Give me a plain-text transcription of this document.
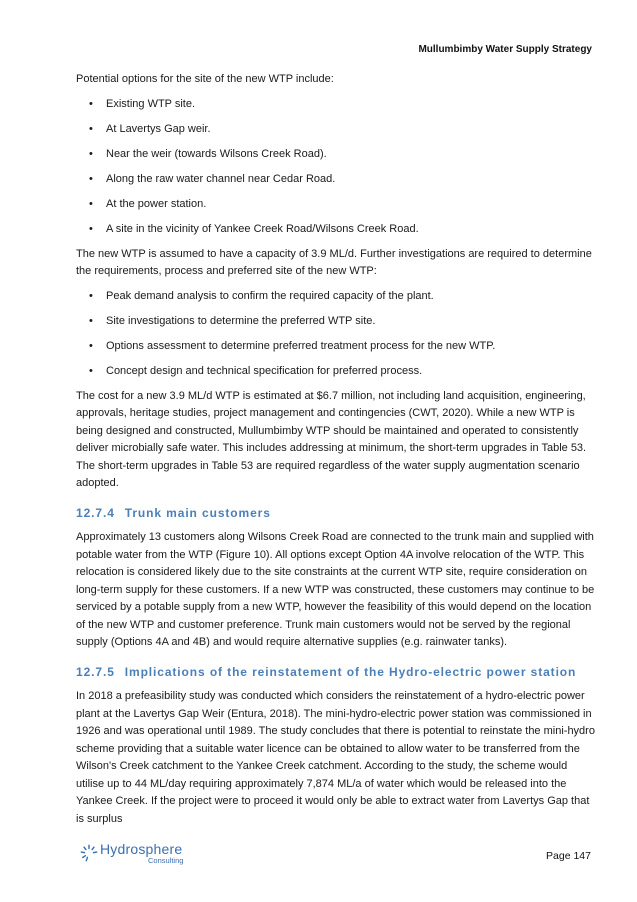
Mullumbimby Water Supply Strategy

Potential options for the site of the new WTP include:

• Existing WTP site.
• At Lavertys Gap weir.
• Near the weir (towards Wilsons Creek Road).
• Along the raw water channel near Cedar Road.
• At the power station.
• A site in the vicinity of Yankee Creek Road/Wilsons Creek Road.

The new WTP is assumed to have a capacity of 3.9 ML/d. Further investigations are required to determine the requirements, process and preferred site of the new WTP:

• Peak demand analysis to confirm the required capacity of the plant.
• Site investigations to determine the preferred WTP site.
• Options assessment to determine preferred treatment process for the new WTP.
• Concept design and technical specification for preferred process.

The cost for a new 3.9 ML/d WTP is estimated at $6.7 million, not including land acquisition, engineering, approvals, heritage studies, project management and contingencies (CWT, 2020). While a new WTP is being designed and constructed, Mullumbimby WTP should be maintained and operated to consistently deliver microbially safe water. This includes addressing at minimum, the short-term upgrades in Table 53. The short-term upgrades in Table 53 are required regardless of the water supply augmentation scenario adopted.

12.7.4 Trunk main customers

Approximately 13 customers along Wilsons Creek Road are connected to the trunk main and supplied with potable water from the WTP (Figure 10). All options except Option 4A involve relocation of the WTP. This relocation is considered likely due to the site constraints at the current WTP site, require consideration on long-term supply for these customers. If a new WTP was constructed, these customers may continue to be serviced by a potable supply from a new WTP, however the feasibility of this would depend on the location of the new WTP and customer preference. Trunk main customers would not be served by the regional supply (Options 4A and 4B) and would require alternative supplies (e.g. rainwater tanks).

12.7.5 Implications of the reinstatement of the Hydro-electric power station

In 2018 a prefeasibility study was conducted which considers the reinstatement of a hydro-electric power plant at the Lavertys Gap Weir (Entura, 2018). The mini-hydro-electric power station was commissioned in 1926 and was operational until 1989. The study concludes that there is potential to reinstate the mini-hydro scheme providing that a suitable water licence can be obtained to allow water to be transferred from the Wilson's Creek catchment to the Yankee Creek catchment. According to the study, the scheme would utilise up to 44 ML/day requiring approximately 7,874 ML/a of water which would be released into the Yankee Creek. If the project were to proceed it would only be able to extract water from Lavertys Gap that is surplus

Hydrosphere
Consulting	Page 147
